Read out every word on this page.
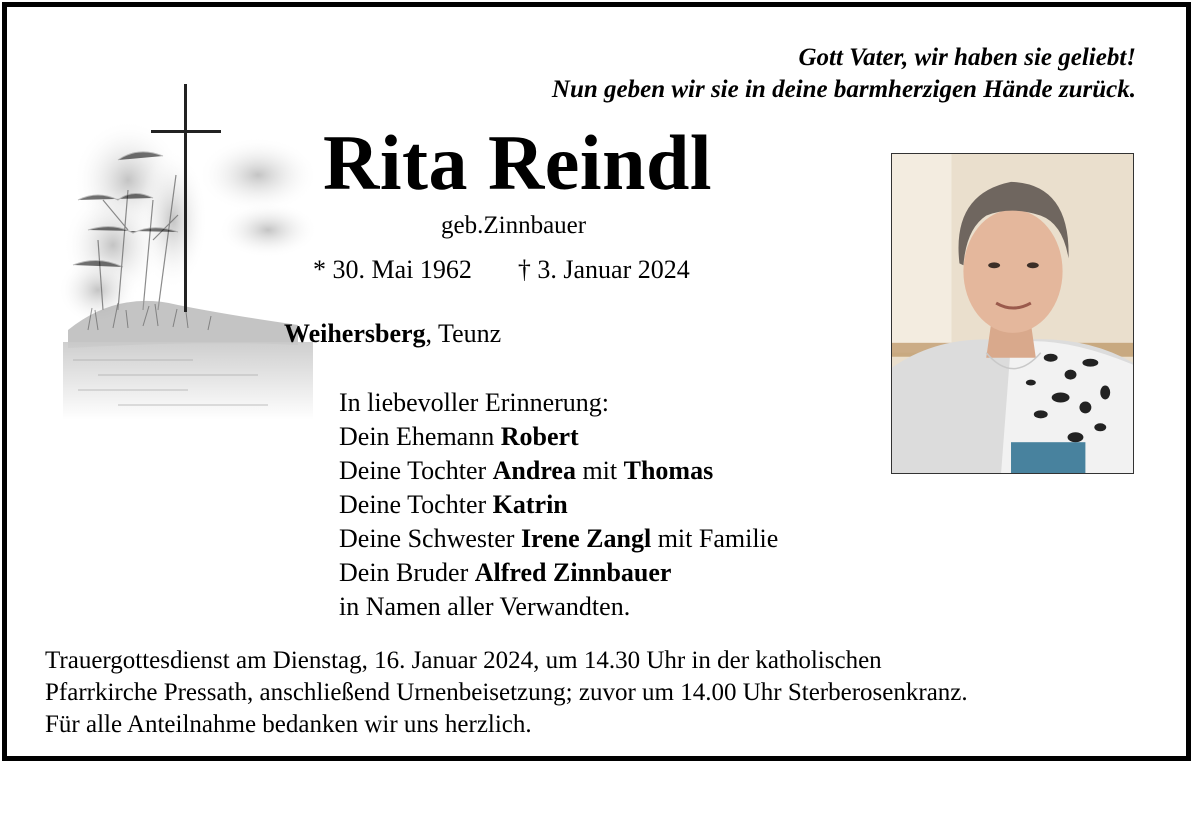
Gott Vater, wir haben sie geliebt!
Nun geben wir sie in deine barmherzigen Hände zurück.
Rita Reindl
geb.Zinnbauer
* 30. Mai 1962 † 3. Januar 2024
Weihersberg, Teunz
In liebevoller Erinnerung:
Dein Ehemann Robert
Deine Tochter Andrea mit Thomas
Deine Tochter Katrin
Deine Schwester Irene Zangl mit Familie
Dein Bruder Alfred Zinnbauer
in Namen aller Verwandten.
Trauergottesdienst am Dienstag, 16. Januar 2024, um 14.30 Uhr in der katholischen
Pfarrkirche Pressath, anschließend Urnenbeisetzung; zuvor um 14.00 Uhr Sterberosenkranz.
Für alle Anteilnahme bedanken wir uns herzlich.
